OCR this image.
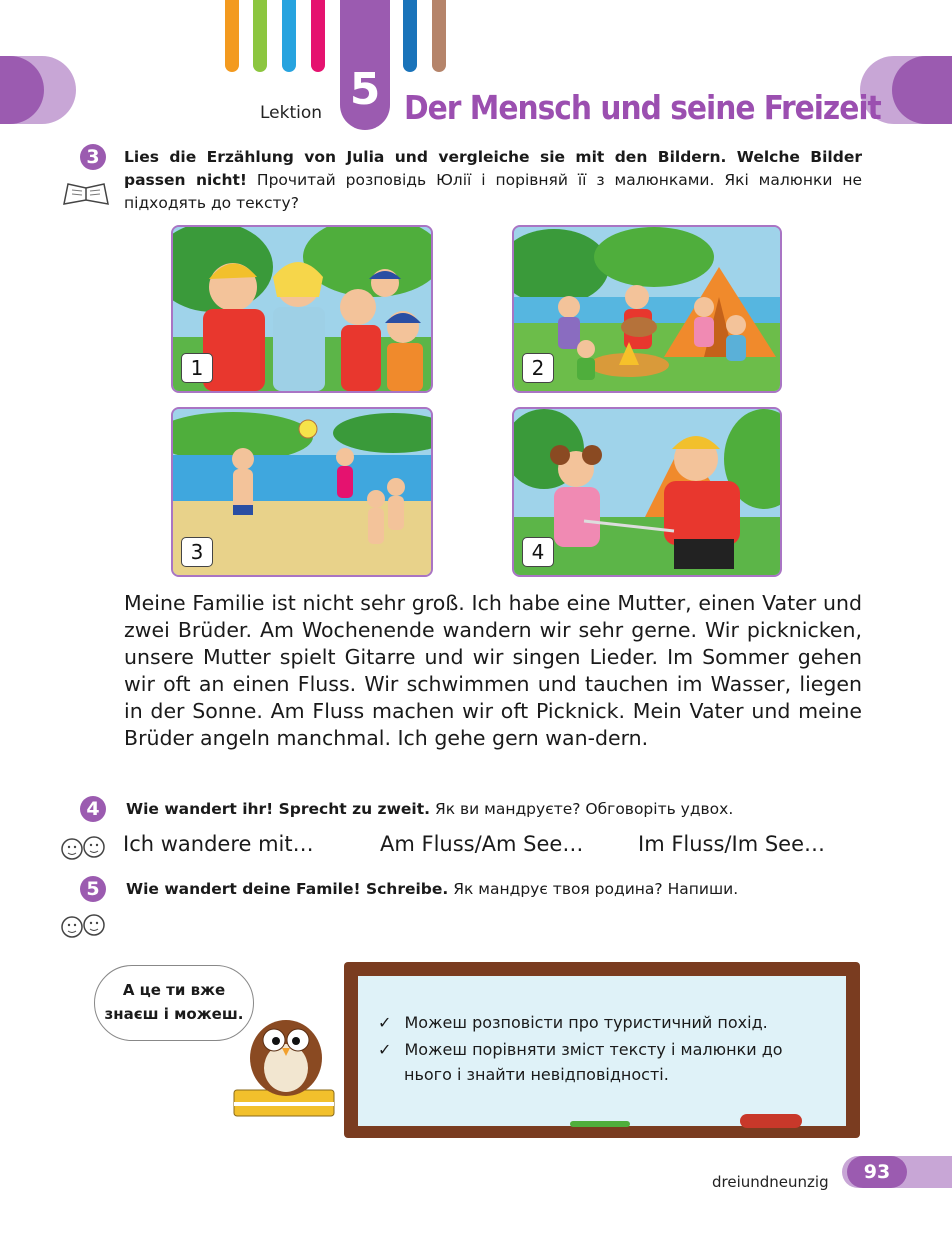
5
Lektion Der Mensch und seine Freizeit
3	Lies die Erzählung von Julia und vergleiche sie mit den Bildern. Welche Bilder passen nicht! Прочитай розповідь Юлії і порівняй її з малюнками. Які малюнки не підходять до тексту?
1	2
3	4
Meine Familie ist nicht sehr groß. Ich habe eine Mutter, einen Vater und zwei Brüder. Am Wochenende wandern wir sehr gerne. Wir picknicken, unsere Mutter spielt Gitarre und wir singen Lieder. Im Sommer gehen wir oft an einen Fluss. Wir schwimmen und tauchen im Wasser, liegen in der Sonne. Am Fluss machen wir oft Picknick. Mein Vater und meine Brüder angeln manchmal. Ich gehe gern wan-dern.
4	Wie wandert ihr! Sprecht zu zweit. Як ви мандруєте? Обговоріть удвох.
Ich wandere mit…	Am Fluss/Am See…	Im Fluss/Im See…
5	Wie wandert deine Famile! Schreibe. Як мандрує твоя родина? Напиши.
А це ти вже
знаєш і можеш.	✓ Можеш розповісти про туристичний похід.
✓ Можеш порівняти зміст тексту і малюнки до
нього і знайти невідповідності.
93
dreiundneunzig
